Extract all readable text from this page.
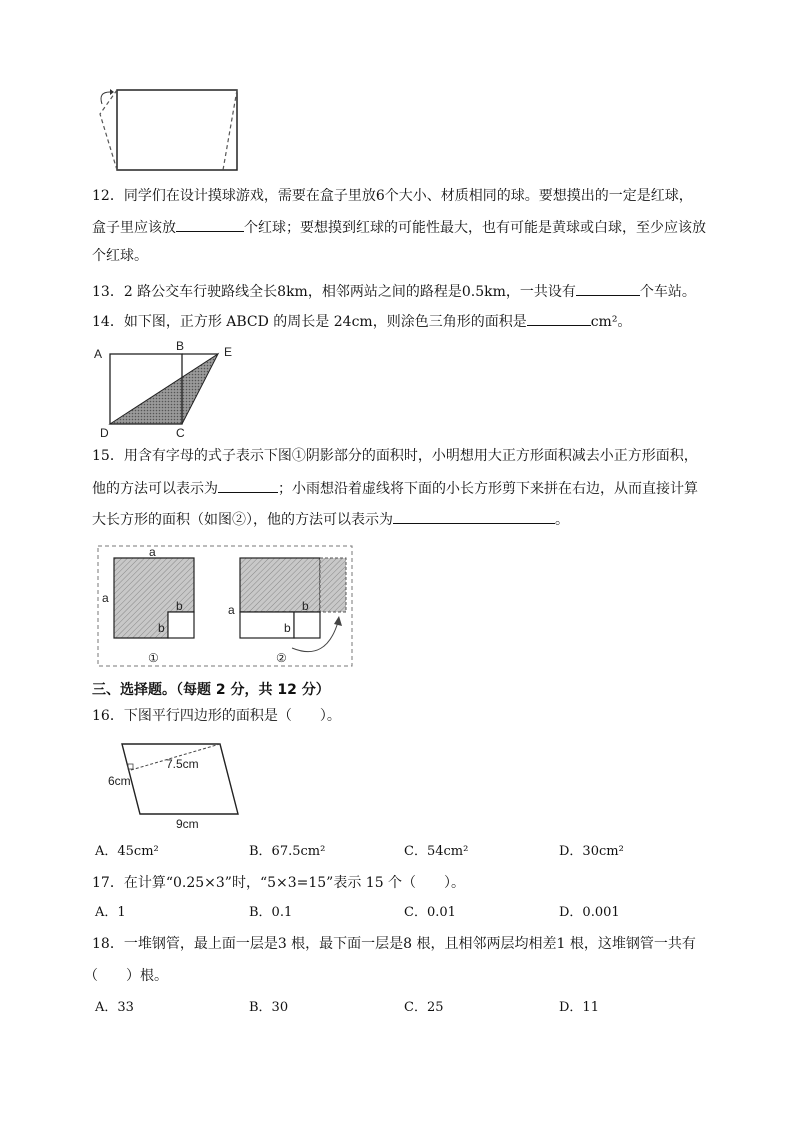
12．同学们在设计摸球游戏，需要在盒子里放6个大小、材质相同的球。要想摸出的一定是红球，
盒子里应该放	个红球；要想摸到红球的可能性最大，也有可能是黄球或白球，至少应该放
个红球。
13．2 路公交车行驶路线全长8km，相邻两站之间的路程是0.5km，一共设有	个车站。
14．如下图，正方形 ABCD 的周长是 24cm，则涂色三角形的面积是	cm²。
A
B	E
D	C
15．用含有字母的式子表示下图①阴影部分的面积时，小明想用大正方形面积减去小正方形面积，
他的方法可以表示为	；小雨想沿着虚线将下面的小长方形剪下来拼在右边，从而直接计算
大长方形的面积（如图②），他的方法可以表示为	。
a
a
b
b
①
a	b
b
②
三、选择题。（每题 2 分，共 12 分）
16．下图平行四边形的面积是（　　）。
7.5cm
6cm
9cm
A．45cm²	B．67.5cm²	C．54cm²	D．30cm²
17．在计算“0.25×3”时，“5×3=15”表示 15 个（　　）。
A．1	B．0.1	C．0.01	D．0.001
18．一堆钢管，最上面一层是3 根，最下面一层是8 根，且相邻两层均相差1 根，这堆钢管一共有
（　　）根。
A．33	B．30	C．25	D．11
